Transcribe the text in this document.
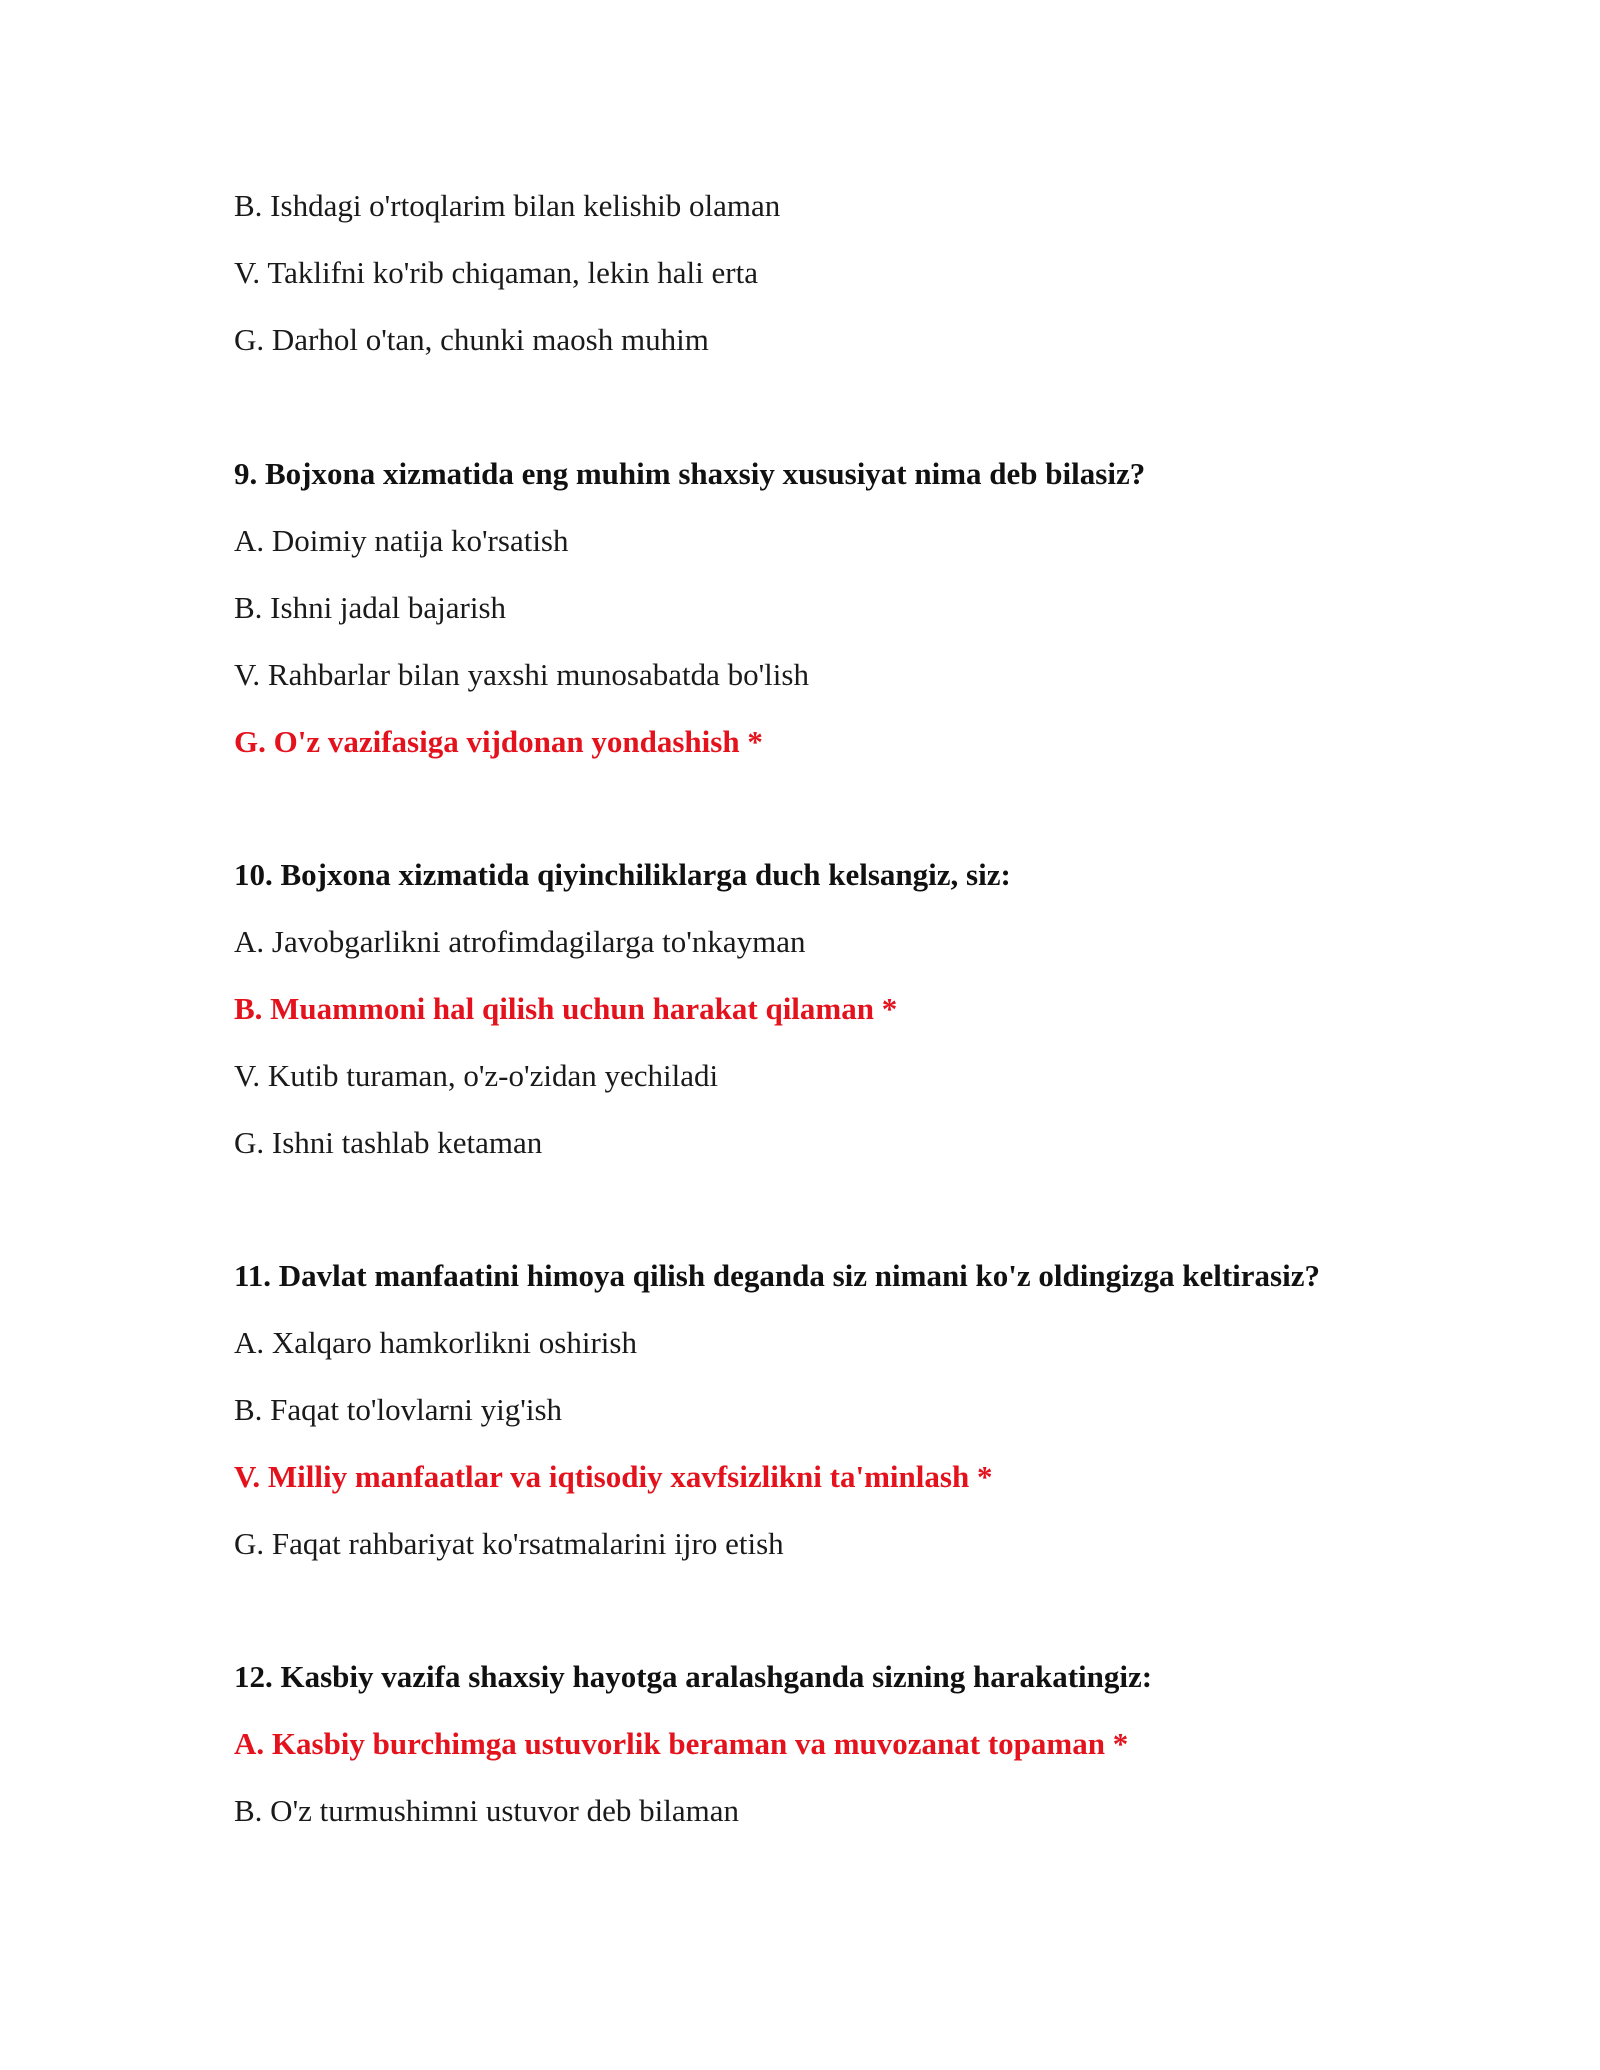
B. Ishdagi o'rtoqlarim bilan kelishib olaman
V. Taklifni ko'rib chiqaman, lekin hali erta
G. Darhol o'tan, chunki maosh muhim
9. Bojxona xizmatida eng muhim shaxsiy xususiyat nima deb bilasiz?
A. Doimiy natija ko'rsatish
B. Ishni jadal bajarish
V. Rahbarlar bilan yaxshi munosabatda bo'lish
G. O'z vazifasiga vijdonan yondashish *
10. Bojxona xizmatida qiyinchiliklarga duch kelsangiz, siz:
A. Javobgarlikni atrofimdagilarga to'nkayman
B. Muammoni hal qilish uchun harakat qilaman *
V. Kutib turaman, o'z-o'zidan yechiladi
G. Ishni tashlab ketaman
11. Davlat manfaatini himoya qilish deganda siz nimani ko'z oldingizga keltirasiz?
A. Xalqaro hamkorlikni oshirish
B. Faqat to'lovlarni yig'ish
V. Milliy manfaatlar va iqtisodiy xavfsizlikni ta'minlash *
G. Faqat rahbariyat ko'rsatmalarini ijro etish
12. Kasbiy vazifa shaxsiy hayotga aralashganda sizning harakatingiz:
A. Kasbiy burchimga ustuvorlik beraman va muvozanat topaman *
B. O'z turmushimni ustuvor deb bilaman
